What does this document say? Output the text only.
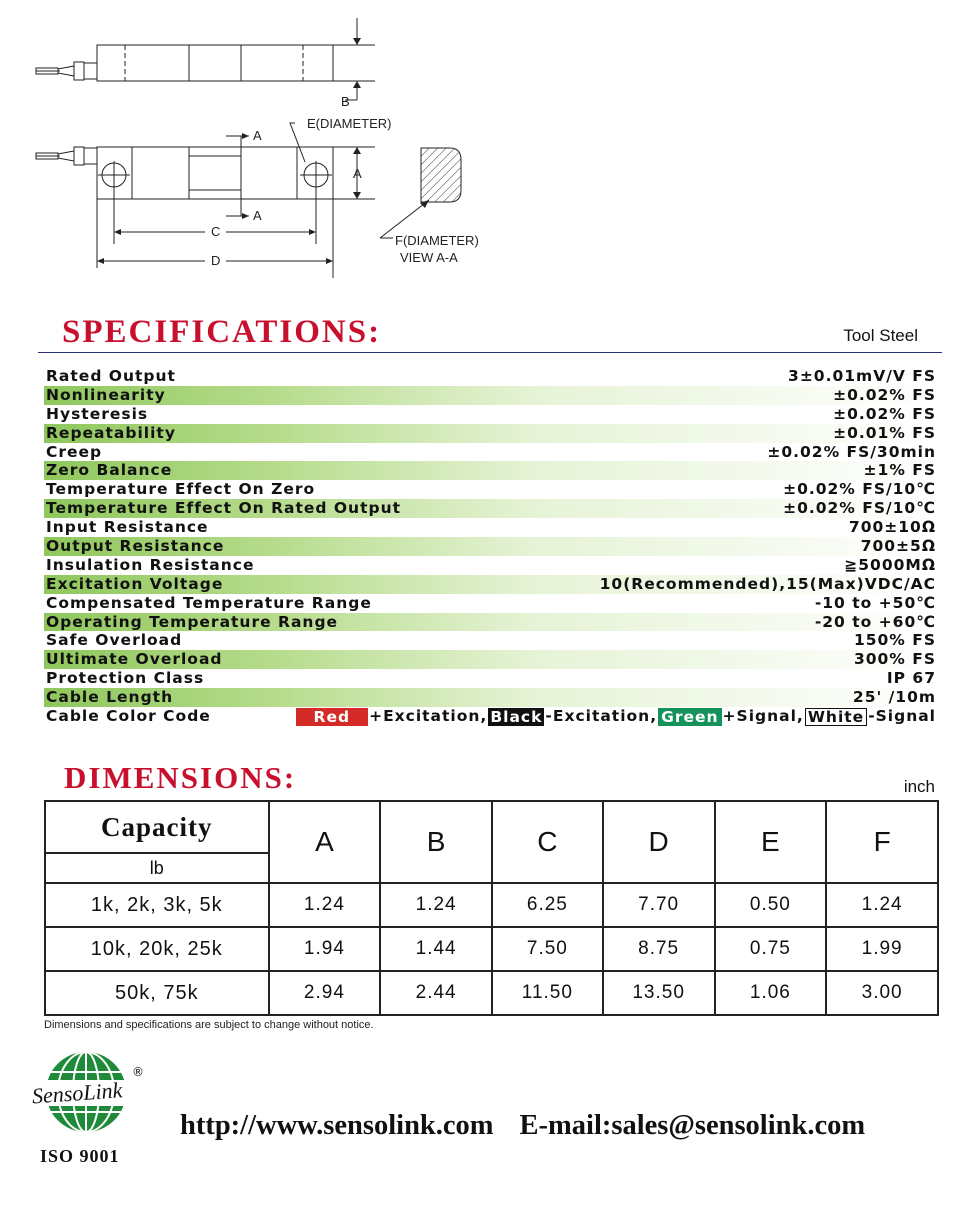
B
A
A
A
E(DIAMETER)
C
D
F(DIAMETER)
VIEW A-A
SPECIFICATIONS:	Tool Steel
Rated Output	3±0.01mV/V FS
Nonlinearity	±0.02% FS
Hysteresis	±0.02% FS
Repeatability	±0.01% FS
Creep	±0.02% FS/30min
Zero Balance	±1% FS
Temperature Effect On Zero	±0.02% FS/10℃
Temperature Effect On Rated Output	±0.02% FS/10℃
Input Resistance	700±10Ω
Output Resistance	700±5Ω
Insulation Resistance	≧5000MΩ
Excitation Voltage	10(Recommended),15(Max)VDC/AC
Compensated Temperature Range	-10 to +50℃
Operating Temperature Range	-20 to +60℃
Safe Overload	150% FS
Ultimate Overload	300% FS
Protection Class	IP 67
Cable Length	25' /10m
Cable Color Code	Red	+Excitation, Black -Excitation, Green +Signal, White -Signal
DIMENSIONS:	inch
Capacity	A	B	C	D	E	F
lb						
1k, 2k, 3k, 5k	1.24	1.24	6.25	7.70	0.50	1.24
10k, 20k, 25k	1.94	1.44	7.50	8.75	0.75	1.99
50k, 75k	2.94	2.44	11.50	13.50	1.06	3.00
Dimensions and specifications are subject to change without notice.
SensoLink
®
ISO 9001
http://www.sensolink.com E-mail:sales@sensolink.com
